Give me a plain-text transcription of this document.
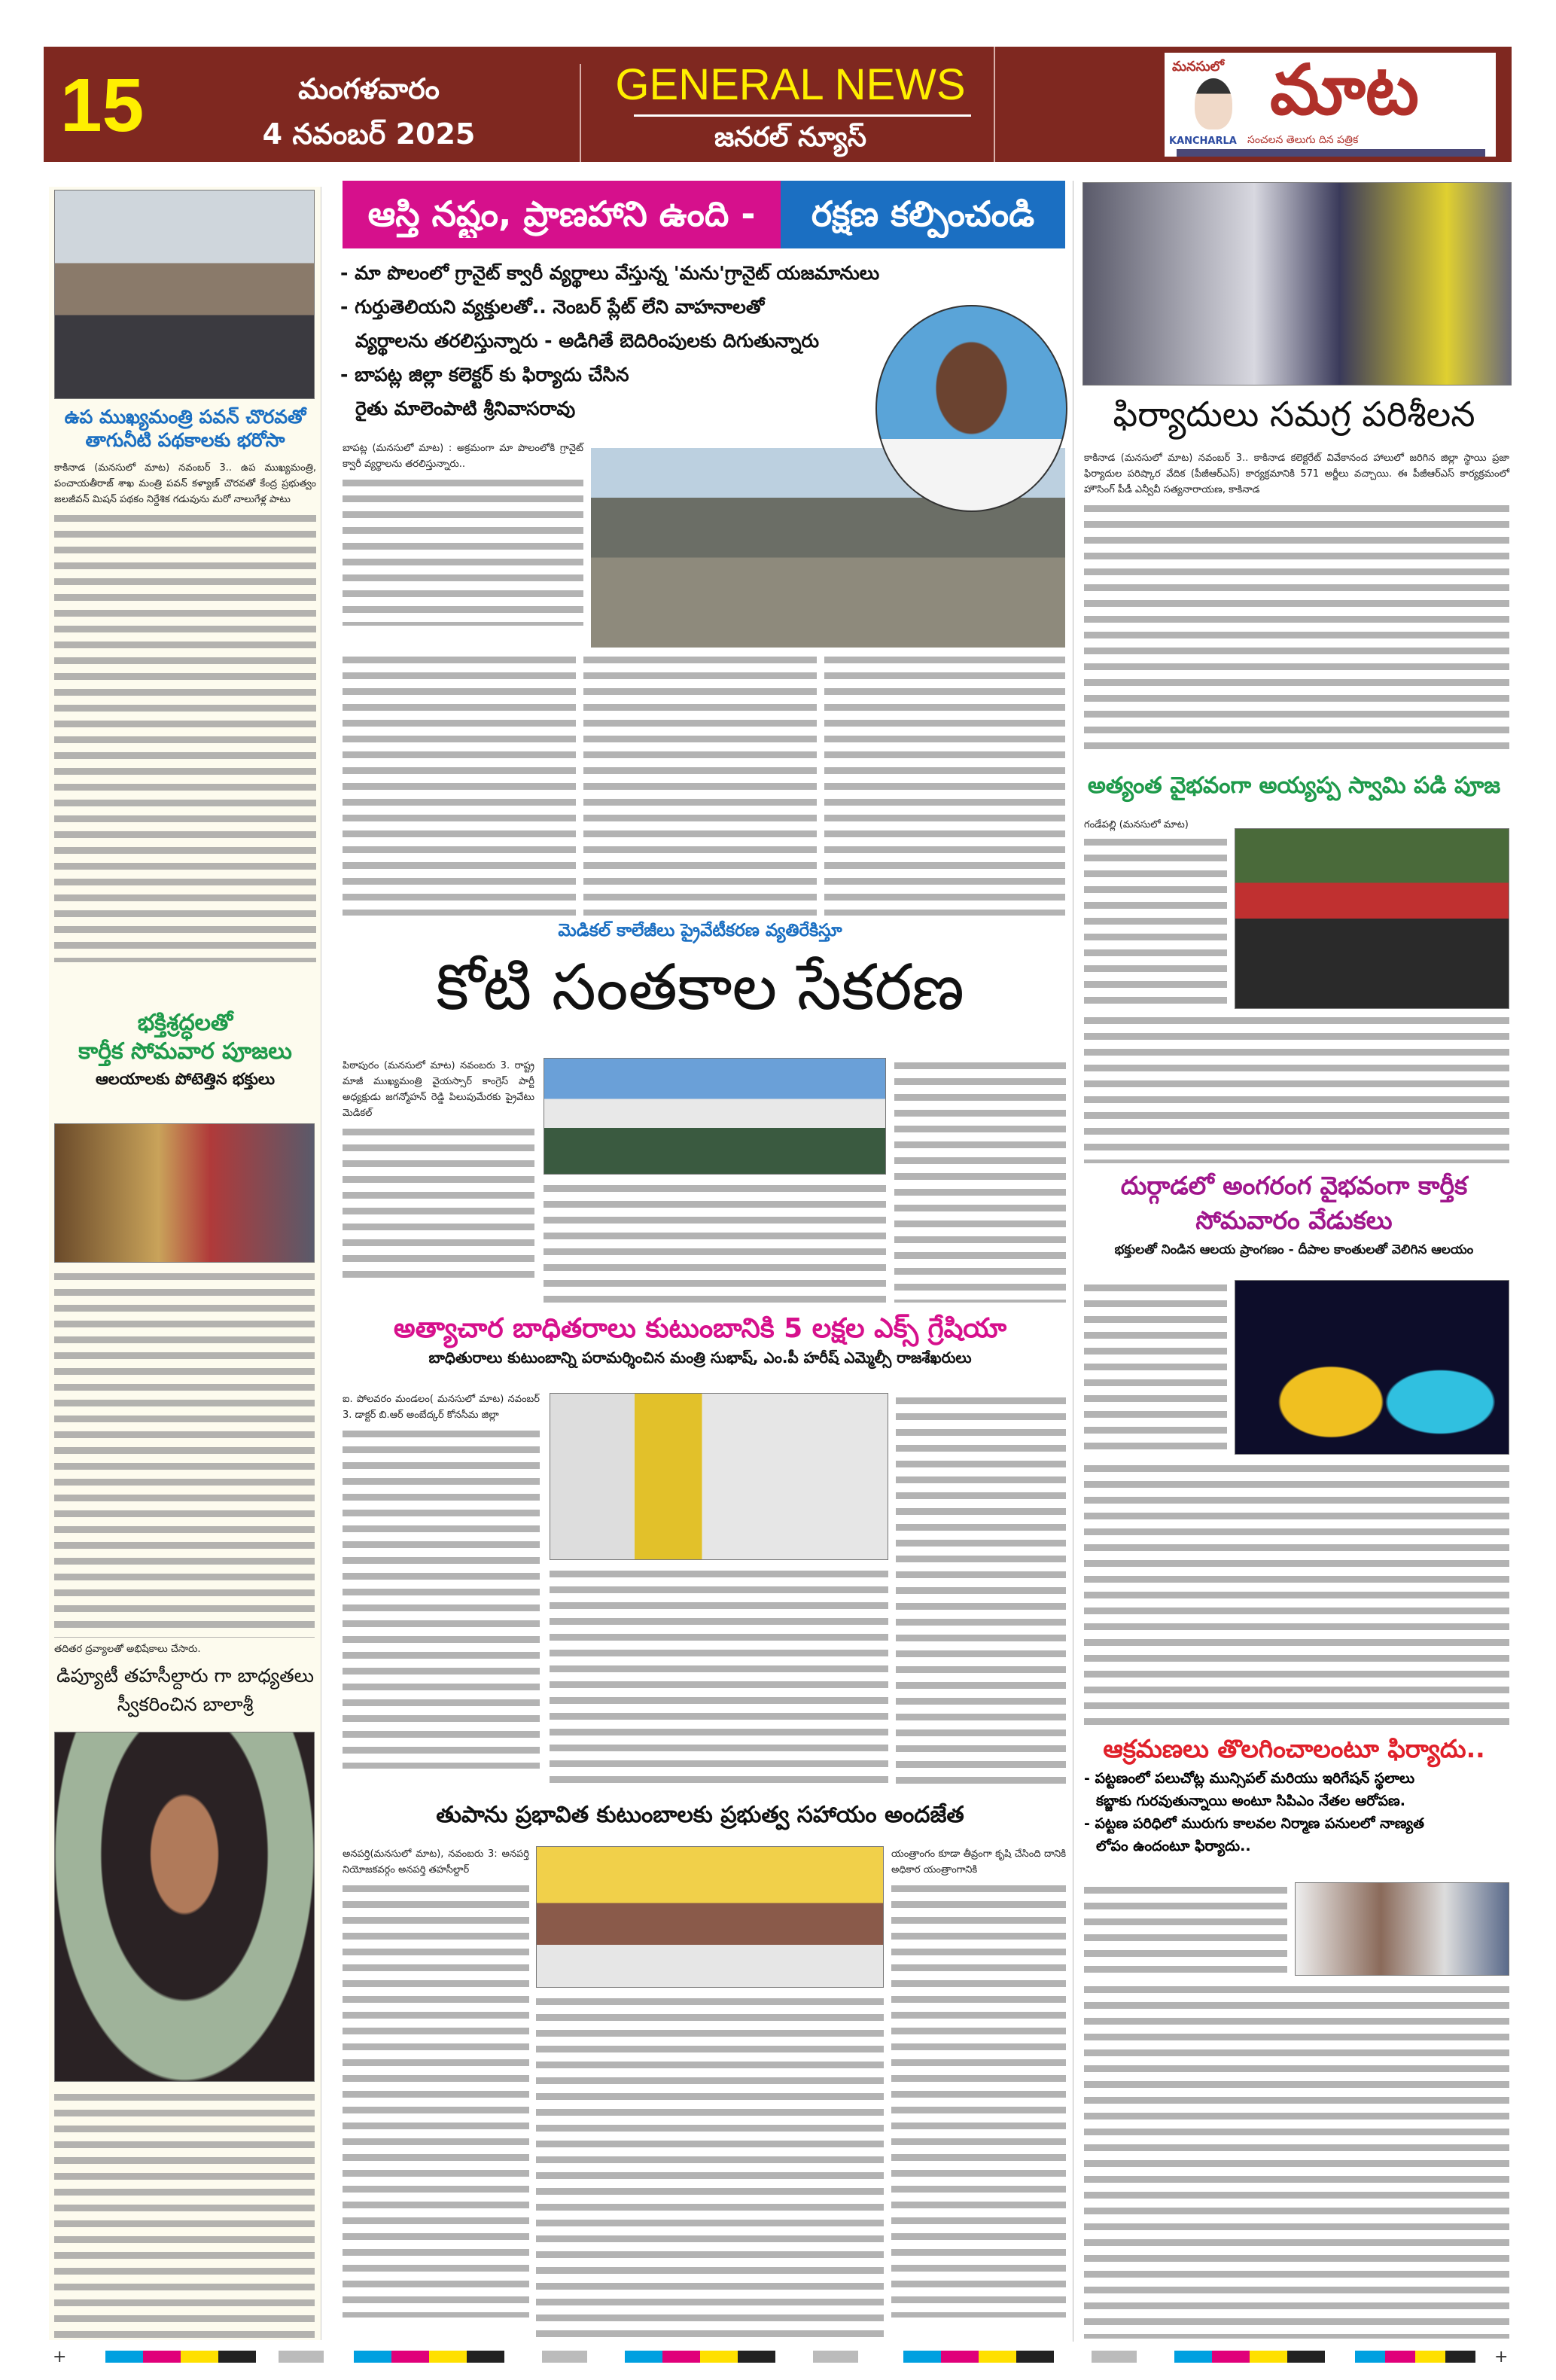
15	మంగళవారం
4 నవంబర్ 2025
GENERAL NEWS
జనరల్ న్యూస్
మనసులో మాట
KANCHARLA సంచలన తెలుగు దిన పత్రిక
ఉప ముఖ్యమంత్రి పవన్ చొరవతో తాగునీటి పథకాలకు భరోసా
కాకినాడ (మనసులో మాట) నవంబర్ 3.. ఉప ముఖ్యమంత్రి, పంచాయతీరాజ్ శాఖ మంత్రి పవన్ కళ్యాణ్ చొరవతో కేంద్ర ప్రభుత్వం జలజీవన్ మిషన్ పథకం నిర్దేశిక గడువును మరో నాలుగేళ్ల పాటు
భక్తిశ్రద్ధలతో
కార్తీక సోమవార పూజలు
ఆలయాలకు పోటెత్తిన భక్తులు
తదితర ద్రవ్యాలతో అభిషేకాలు చేసారు.
డిప్యూటీ తహసీల్దారు గా బాధ్యతలు స్వీకరించిన బాలాశ్రీ
ఆస్తి నష్టం, ప్రాణహాని ఉంది -	రక్షణ కల్పించండి
- మా పొలంలో గ్రానైట్ క్వారీ వ్యర్థాలు వేస్తున్న 'మను'గ్రానైట్ యజమానులు
- గుర్తుతెలియని వ్యక్తులతో.. నెంబర్ ప్లేట్ లేని వాహనాలతో
వ్యర్థాలను తరలిస్తున్నారు - అడిగితే బెదిరింపులకు దిగుతున్నారు
- బాపట్ల జిల్లా కలెక్టర్ కు ఫిర్యాదు చేసిన
రైతు మాలెంపాటి శ్రీనివాసరావు
బాపట్ల (మనసులో మాట) : అక్రమంగా మా పొలంలోకి గ్రానైట్ క్వారీ వ్యర్థాలను తరలిస్తున్నారు..
మెడికల్ కాలేజీలు ప్రైవేటీకరణ వ్యతిరేకిస్తూ
కోటి సంతకాల సేకరణ
పిఠాపురం (మనసులో మాట) నవంబరు 3. రాష్ట్ర మాజీ ముఖ్యమంత్రి వైయస్సార్ కాంగ్రెస్ పార్టీ అధ్యక్షుడు జగన్మోహన్ రెడ్డి పిలుపుమేరకు ప్రైవేటు మెడికల్
అత్యాచార బాధితరాలు కుటుంబానికి 5 లక్షల ఎక్స్ గ్రేషియా
బాధితురాలు కుటుంబాన్ని పరామర్శించిన మంత్రి సుభాష్, ఎం.పీ హరీష్ ఎమ్మెల్సీ రాజశేఖరులు
ఐ. పోలవరం మండలం( మనసులో మాట) నవంబర్ 3. డాక్టర్ బి.ఆర్ అంబేద్కర్ కోనసీమ జిల్లా
తుపాను ప్రభావిత కుటుంబాలకు ప్రభుత్వ సహాయం అందజేత
అనపర్తి(మనసులో మాట), నవంబరు 3: అనపర్తి నియోజకవర్గం అనపర్తి తహసీల్దార్
యంత్రాంగం కూడా తీవ్రంగా కృషి చేసింది దానికి అధికార యంత్రాంగానికి
ఫిర్యాదులు సమగ్ర పరిశీలన
కాకినాడ (మనసులో మాట) నవంబర్ 3.. కాకినాడ కలెక్టరేట్ వివేకానంద హాలులో జరిగిన జిల్లా స్థాయి ప్రజా ఫిర్యాదుల పరిష్కార వేదిక (పీజీఆర్ఎస్) కార్యక్రమానికి 571 అర్జీలు వచ్చాయి. ఈ పీజీఆర్ఎస్ కార్యక్రమంలో హౌసింగ్ పీడీ ఎన్వీవీ సత్యనారాయణ, కాకినాడ
అత్యంత వైభవంగా అయ్యప్ప స్వామి పడి పూజ
గండేపల్లి (మనసులో మాట)
దుర్గాడలో అంగరంగ వైభవంగా కార్తీక సోమవారం వేడుకలు
భక్తులతో నిండిన ఆలయ ప్రాంగణం - దీపాల కాంతులతో వెలిగిన ఆలయం
ఆక్రమణలు తొలగించాలంటూ ఫిర్యాదు..
- పట్టణంలో పలుచోట్ల మున్సిపల్ మరియు ఇరిగేషన్ స్థలాలు
కబ్జాకు గురవుతున్నాయి అంటూ సిపిఎం నేతల ఆరోపణ.
- పట్టణ పరిధిలో మురుగు కాలవల నిర్మాణ పనులలో నాణ్యత
లోపం ఉందంటూ ఫిర్యాదు..
+	+
